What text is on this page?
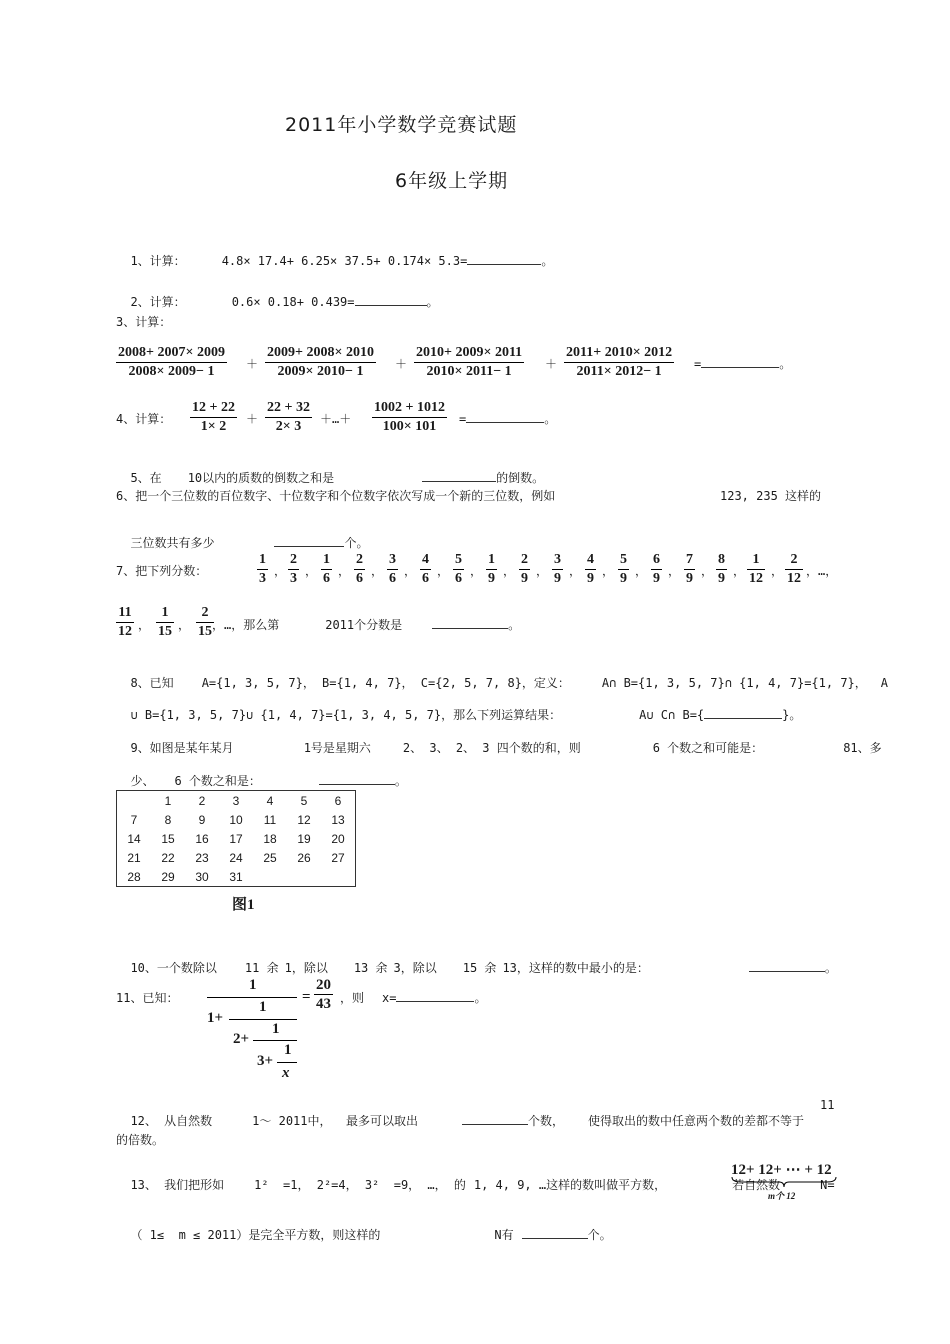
2011年小学数学竞赛试题
6年级上学期

1、计算：	4.8× 17.4+ 6.25× 37.5+ 0.174× 5.3=	。

2、计算：	0.6× 0.18+ 0.439=	。

3、计算：
$\frac{2008+ 2007\times 2009}{2008\times 2009- 1} + \frac{2009+ 2008\times 2010}{2009\times 2010- 1} + \frac{2010+ 2009\times 2011}{2010\times 2011- 1} + \frac{2011+ 2010\times 2012}{2011\times 2012- 1}$ =	。
4、计算： $\frac{12 + 22}{1\times 2} + \frac{22 + 32}{2\times 3}$ ＋…＋ $\frac{1002 + 1012}{100\times 101}$ =	。

5、在 10以内的质数的倒数之和是	的倒数。

6、把一个三位数的百位数字、十位数字和个位数字依次写成一个新的三位数，例如	123, 235 这样的

三位数共有多少	个。

7、把下列分数：	$\frac{1}{3}$ ， $\frac{2}{3}$ ， $\frac{1}{6}$ ， $\frac{2}{6}$ ， $\frac{3}{6}$ ， $\frac{4}{6}$ ， $\frac{5}{6}$ ， $\frac{1}{9}$ ， $\frac{2}{9}$ ， $\frac{3}{9}$ ， $\frac{4}{9}$ ， $\frac{5}{9}$ ， $\frac{6}{9}$ ， $\frac{7}{9}$ ， $\frac{8}{9}$ ， $\frac{1}{12}$ ， $\frac{2}{12}$ ，…，
$\frac{11}{12}$ ， $\frac{1}{15}$ ， $\frac{2}{15}$
，…，那么第	2011个分数是	。

8、已知 A={1, 3, 5, 7}， B={1, 4, 7}， C={2, 5, 7, 8}，定义：	A∩ B={1, 3, 5, 7}∩ {1, 4, 7}={1, 7}， A

∪ B={1, 3, 5, 7}∪ {1, 4, 7}={1, 3, 4, 5, 7}，那么下列运算结果：	A∪ C∩ B={	}。

9、如图是某年某月	1号是星期六	2、 3、 2、 3 四个数的和，则	6 个数之和可能是：	81、多

少、 6 个数之和是：	。

	1	2	3	4	5	6
7	8	9	10	11	12	13
14	15	16	17	18	19	20
21	22	23	24	25	26	27
28	29	30	31			
图1

10、一个数除以 11 余 1，除以 13 余 3，除以 15 余 13，这样的数中最小的是：	。

11、已知：

1

1

1+

1

2+

1

3+

x

= $\frac{20}{43}$ ，则 x=	。

12、 从自然数	1～ 2011中，  最多可以取出	个数， 使得取出的数中任意两个数的差都不等于

11
的倍数。

13、 我们把形如	1²  =1， 2²=4， 3²  =9， …， 的 1, 4, 9, …这样的数叫做平方数，	若自然数	N=

12+ 12+ ⋯ + 12
m个 12

（ 1≤  m ≤ 2011）是完全平方数，则这样的	N有	个。
